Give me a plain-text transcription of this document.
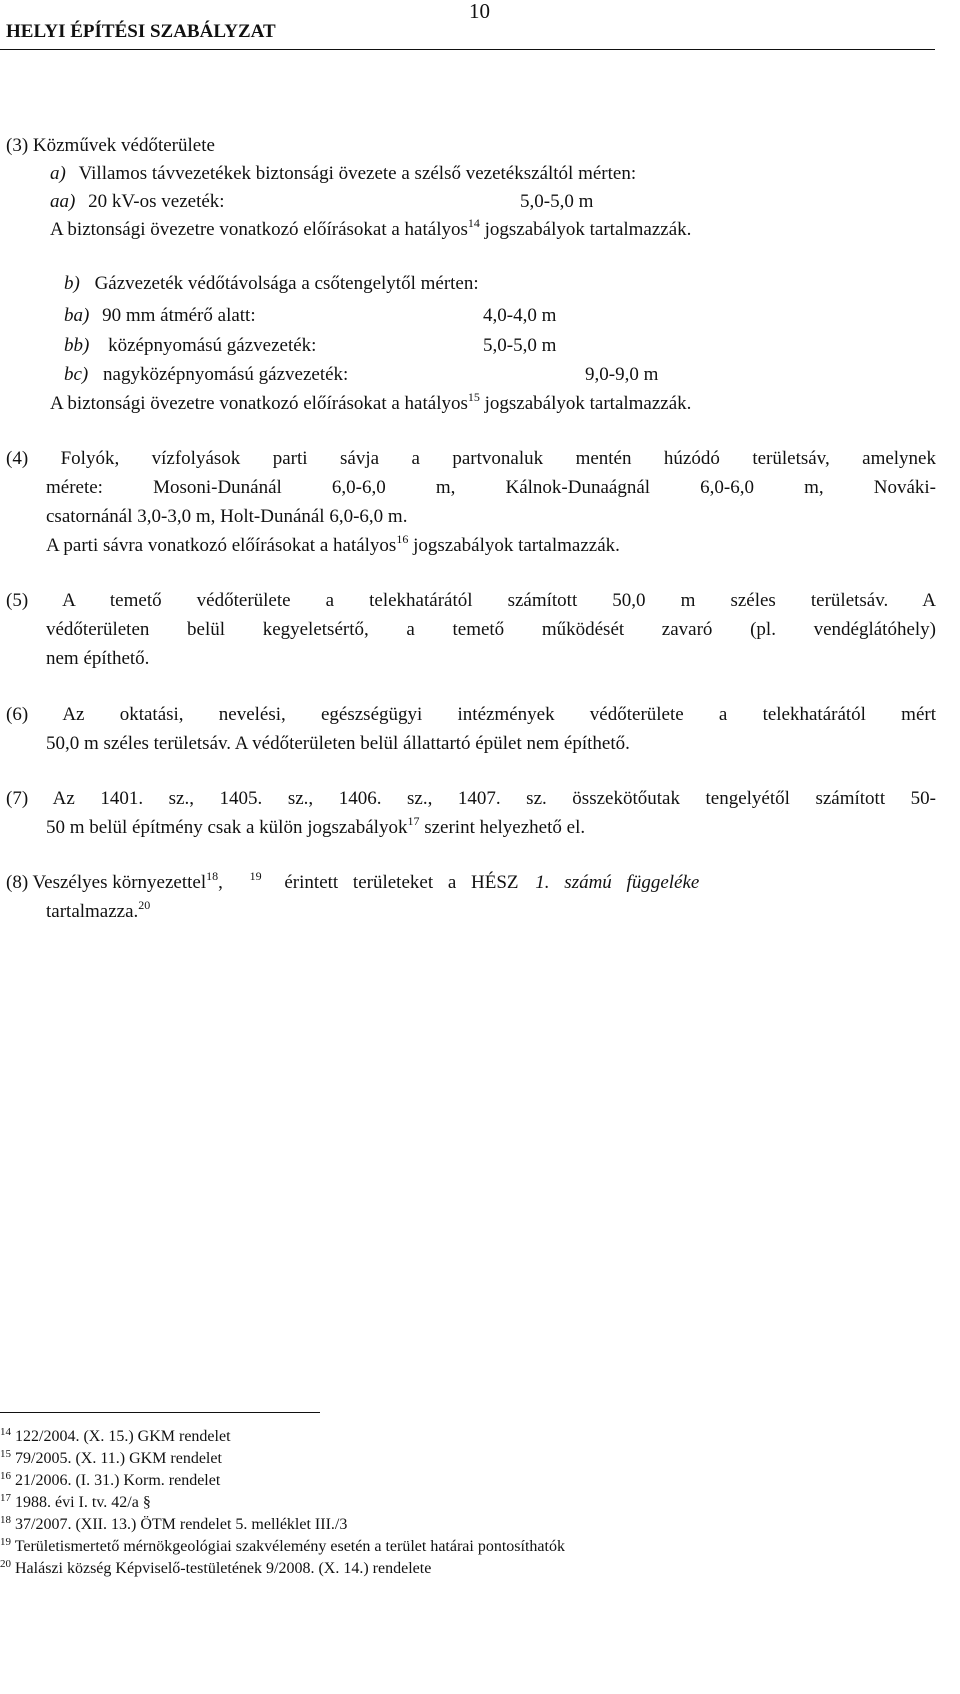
HELYI ÉPÍTÉSI SZABÁLYZAT
10
(3) Közművek védőterülete
a) Villamos távvezetékek biztonsági övezete a szélső vezetékszáltól mérten:
aa) 20 kV-os vezeték:	5,0-5,0 m
A biztonsági övezetre vonatkozó előírásokat a hatályos$^{14}$ jogszabályok tartalmazzák.
b) Gázvezeték védőtávolsága a csőtengelytől mérten:
ba) 90 mm átmérő alatt:	4,0-4,0 m
bb) középnyomású gázvezeték:	5,0-5,0 m
bc) nagyközépnyomású gázvezeték:	9,0-9,0 m
A biztonsági övezetre vonatkozó előírásokat a hatályos$^{15}$ jogszabályok tartalmazzák.
(4) Folyók, vízfolyások parti sávja a partvonaluk mentén húzódó területsáv, amelynek
mérete: Mosoni-Dunánál 6,0-6,0 m, Kálnok-Dunaágnál 6,0-6,0 m, Nováki-
csatornánál 3,0-3,0 m, Holt-Dunánál 6,0-6,0 m.
A parti sávra vonatkozó előírásokat a hatályos$^{16}$ jogszabályok tartalmazzák.
(5) A temető védőterülete a telekhatárától számított 50,0 m széles területsáv. A
védőterületen belül kegyeletsértő, a temető működését zavaró (pl. vendéglátóhely)
nem építhető.
(6) Az oktatási, nevelési, egészségügyi intézmények védőterülete a telekhatárától mért
50,0 m széles területsáv. A védőterületen belül állattartó épület nem építhető.
(7) Az 1401. sz., 1405. sz., 1406. sz., 1407. sz. összekötőutak tengelyétől számított 50-
50 m belül építmény csak a külön jogszabályok$^{17}$ szerint helyezhető el.
(8) Veszélyes környezettel$^{18}$, $^{19}$ érintett területeket a HÉSZ 1. számú függeléke
tartalmazza.$^{20}$
$^{14}$ 122/2004. (X. 15.) GKM rendelet
$^{15}$ 79/2005. (X. 11.) GKM rendelet
$^{16}$ 21/2006. (I. 31.) Korm. rendelet
$^{17}$ 1988. évi I. tv. 42/a §
$^{18}$ 37/2007. (XII. 13.) ÖTM rendelet 5. melléklet III./3
$^{19}$ Területismertető mérnökgeológiai szakvélemény esetén a terület határai pontosíthatók
$^{20}$ Halászi község Képviselő-testületének 9/2008. (X. 14.) rendelete
